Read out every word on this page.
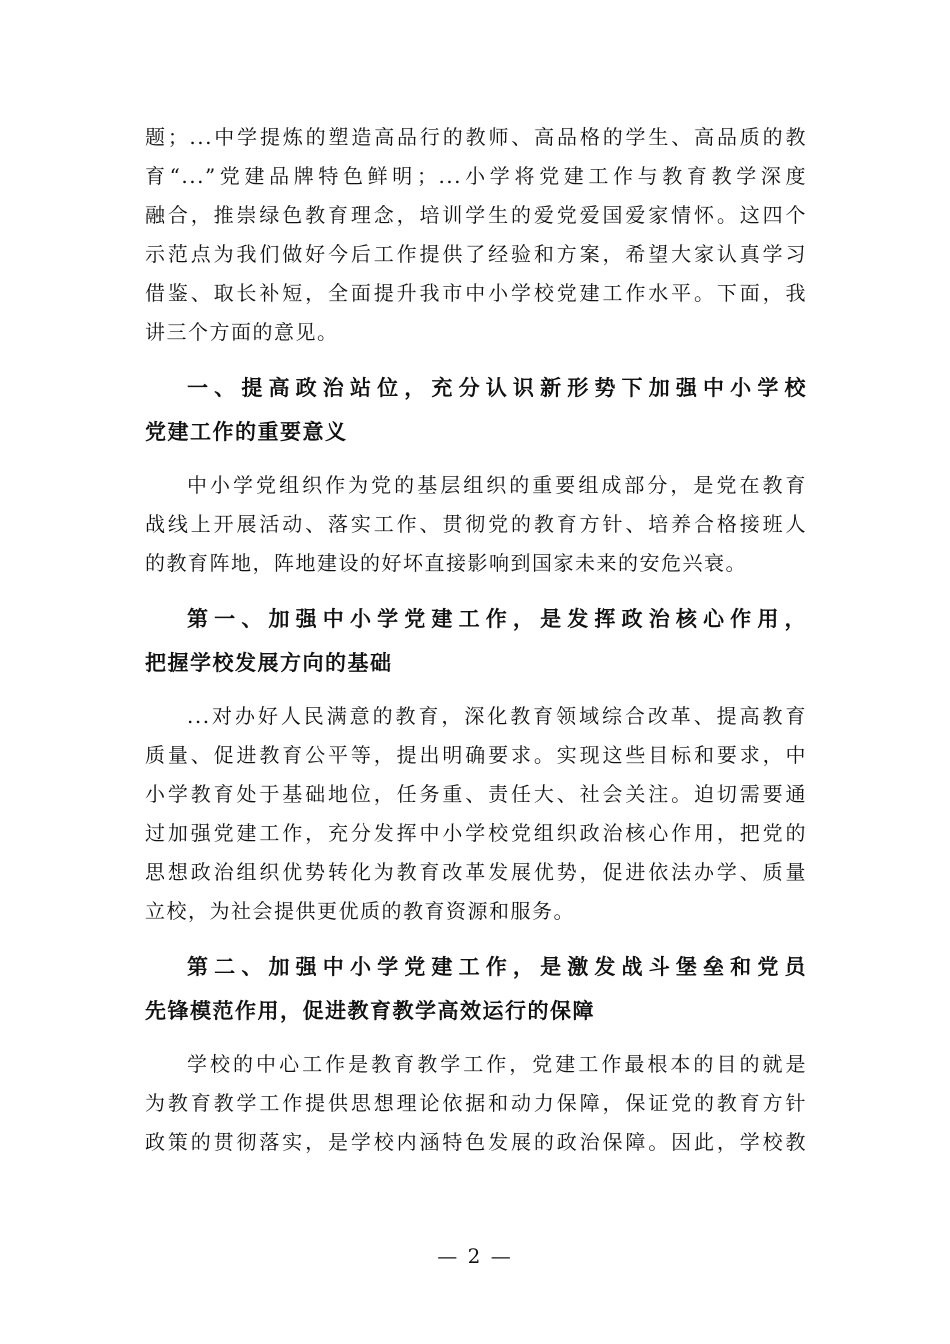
题；...中学提炼的塑造高品行的教师、高品格的学生、高品质的教
育“...”党建品牌特色鲜明；...小学将党建工作与教育教学深度
融合，推崇绿色教育理念，培训学生的爱党爱国爱家情怀。这四个
示范点为我们做好今后工作提供了经验和方案，希望大家认真学习
借鉴、取长补短，全面提升我市中小学校党建工作水平。下面，我
讲三个方面的意见。
一、提高政治站位，充分认识新形势下加强中小学校
党建工作的重要意义
中小学党组织作为党的基层组织的重要组成部分，是党在教育
战线上开展活动、落实工作、贯彻党的教育方针、培养合格接班人
的教育阵地，阵地建设的好坏直接影响到国家未来的安危兴衰。
第一、加强中小学党建工作，是发挥政治核心作用，
把握学校发展方向的基础
...对办好人民满意的教育，深化教育领域综合改革、提高教育
质量、促进教育公平等，提出明确要求。实现这些目标和要求，中
小学教育处于基础地位，任务重、责任大、社会关注。迫切需要通
过加强党建工作，充分发挥中小学校党组织政治核心作用，把党的
思想政治组织优势转化为教育改革发展优势，促进依法办学、质量
立校，为社会提供更优质的教育资源和服务。
第二、加强中小学党建工作，是激发战斗堡垒和党员
先锋模范作用，促进教育教学高效运行的保障
学校的中心工作是教育教学工作，党建工作最根本的目的就是
为教育教学工作提供思想理论依据和动力保障，保证党的教育方针
政策的贯彻落实，是学校内涵特色发展的政治保障。因此，学校教
— 2 —
